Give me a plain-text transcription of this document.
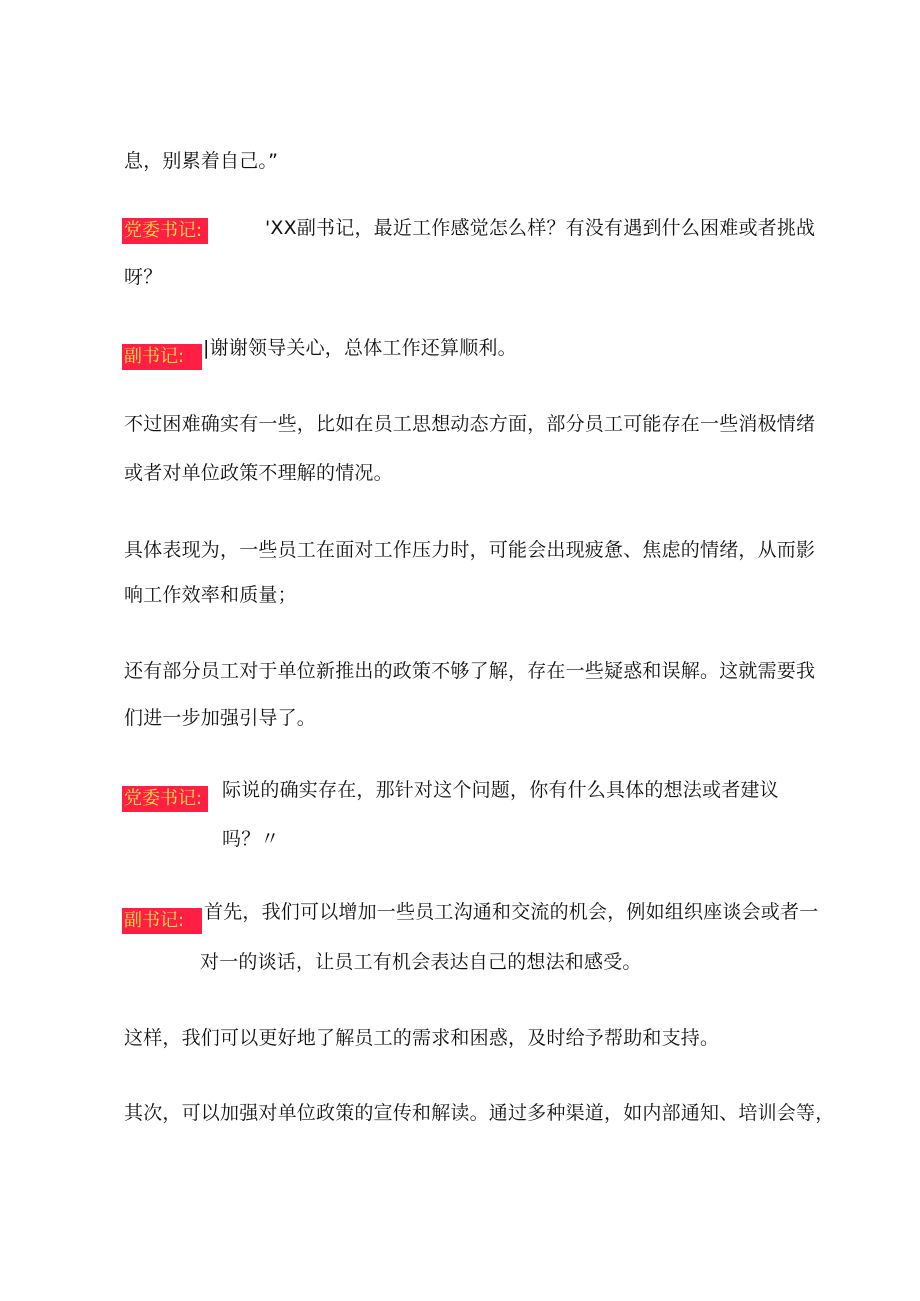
息，别累着自己。”
党委书记:	'XX副书记，最近工作感觉怎么样？有没有遇到什么困难或者挑战
呀？
副书记: |谢谢领导关心，总体工作还算顺利。
不过困难确实有一些，比如在员工思想动态方面，部分员工可能存在一些消极情绪
或者对单位政策不理解的情况。
具体表现为，一些员工在面对工作压力时，可能会出现疲惫、焦虑的情绪，从而影
响工作效率和质量；
还有部分员工对于单位新推出的政策不够了解，存在一些疑惑和误解。这就需要我
们进一步加强引导了。
党委书记:	际说的确实存在，那针对这个问题，你有什么具体的想法或者建议
吗？〃
副书记:	首先，我们可以增加一些员工沟通和交流的机会，例如组织座谈会或者一
对一的谈话，让员工有机会表达自己的想法和感受。
这样，我们可以更好地了解员工的需求和困惑，及时给予帮助和支持。
其次，可以加强对单位政策的宣传和解读。通过多种渠道，如内部通知、培训会等，
